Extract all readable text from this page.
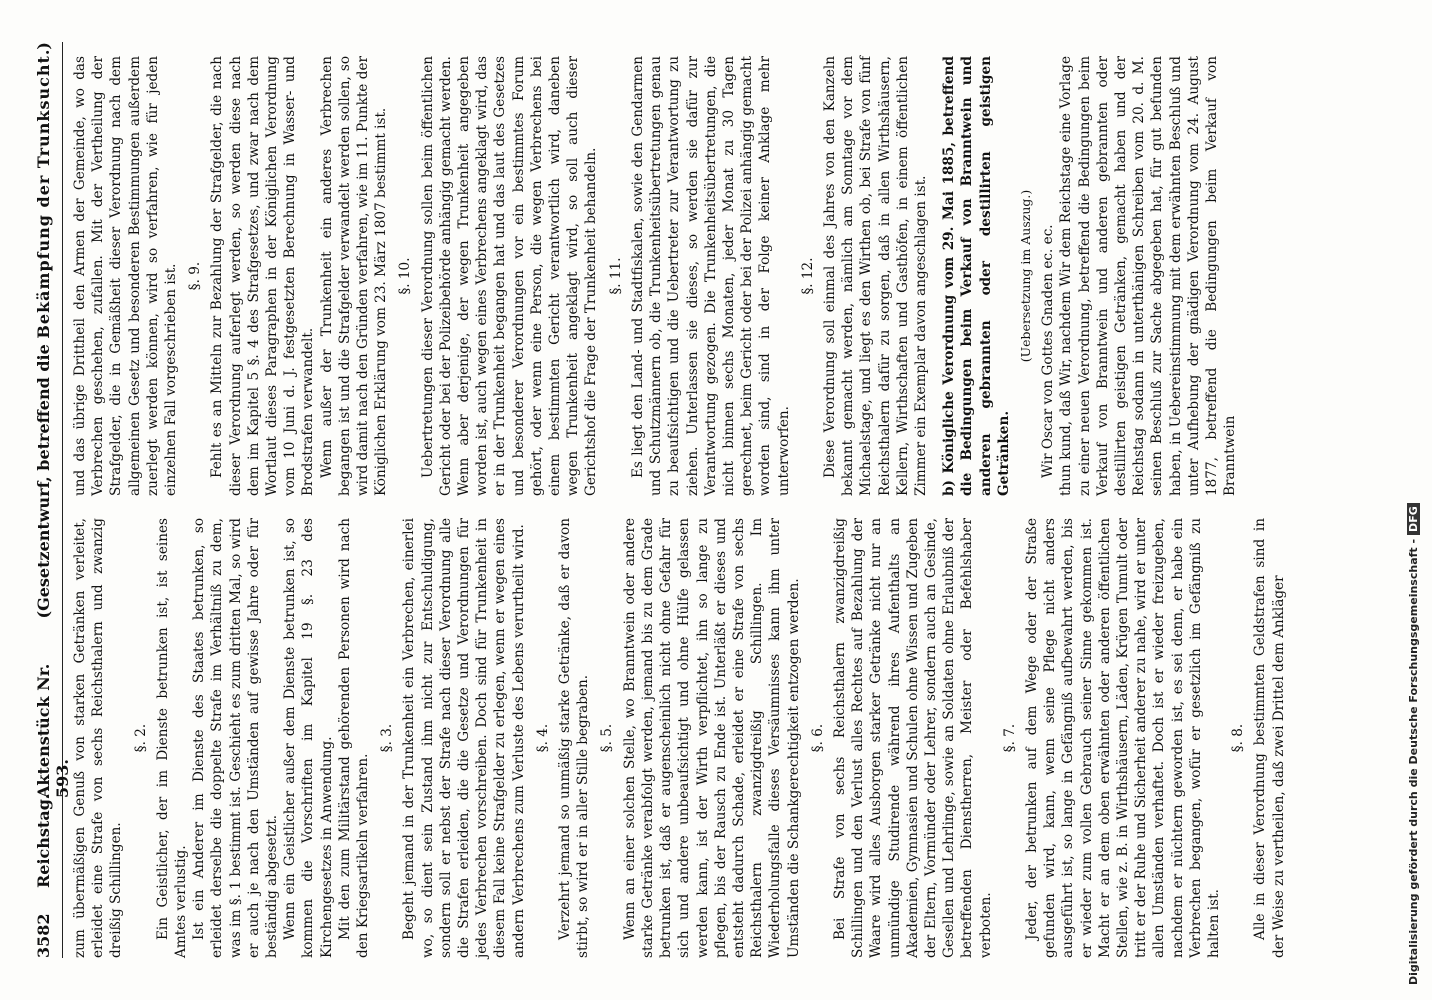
3582
Reichstag.
Aktenstück Nr. 593.
(Gesetzentwurf, betreffend die Bekämpfung der Trunksucht.)

zum übermäßigen Genuß von starken Getränken verleitet, erleidet eine Strafe von sechs Reichsthalern und zwanzig dreißig Schillingen.

§. 2. Ein Geistlicher, der im Dienste betrunken ist, ist seines Amtes verlustig. Ist ein Anderer im Dienste des Staates betrunken, so erleidet derselbe die doppelte Strafe im Verhältniß zu dem, was im §. 1 bestimmt ist. Geschieht es zum dritten Mal, so wird er auch je nach den Umständen auf gewisse Jahre oder für beständig abgesetzt. Wenn ein Geistlicher außer dem Dienste betrunken ist, so kommen die Vorschriften im Kapitel 19 §. 23 des Kirchengesetzes in Anwendung. Mit den zum Militärstand gehörenden Personen wird nach den Kriegsartikeln verfahren.

§. 3. Begeht jemand in der Trunkenheit ein Verbrechen, einerlei wo, so dient sein Zustand ihm nicht zur Entschuldigung, sondern soll er nebst der Strafe nach dieser Verordnung alle die Strafen erleiden, die die Gesetze und Verordnungen für jedes Verbrechen vorschreiben. Doch sind für Trunkenheit in diesem Fall keine Strafgelder zu erlegen, wenn er wegen eines andern Verbrechens zum Verluste des Lebens verurtheilt wird. §. 4. Verzehrt jemand so unmäßig starke Getränke, daß er davon stirbt, so wird er in aller Stille begraben. §. 5. Wenn an einer solchen Stelle, wo Branntwein oder andere starke Getränke verabfolgt werden, jemand bis zu dem Grade betrunken ist, daß er augenscheinlich nicht ohne Gefahr für sich und andere unbeaufsichtigt und ohne Hülfe gelassen werden kann, ist der Wirth verpflichtet, ihn so lange zu pflegen, bis der Rausch zu Ende ist. Unterläßt er dieses und entsteht dadurch Schade, erleidet er eine Strafe von sechs Reichsthalern zwanzigdreißig Schillingen. Im Wiederholungsfalle dieses Versäumnisses kann ihm unter Umständen die Schankgerechtigkeit entzogen werden. §. 6. Bei Strafe von sechs Reichsthalern zwanzigdreißig Schillingen und den Verlust alles Rechtes auf Bezahlung der Waare wird alles Ausborgen starker Getränke nicht nur an unmündige Studirende während ihres Aufenthalts an Akademien, Gymnasien und Schulen ohne Wissen und Zugeben der Eltern, Vormünder oder Lehrer, sondern auch an Gesinde, Gesellen und Lehrlinge, sowie an Soldaten ohne Erlaubniß der betreffenden Dienstherren, Meister oder Befehlshaber verboten.

§. 7. Jeder, der betrunken auf dem Wege oder der Straße gefunden wird, kann, wenn seine Pflege nicht anders ausgeführt ist, so lange in Gefängniß aufbewahrt werden, bis er wieder zum vollen Gebrauch seiner Sinne gekommen ist. Macht er an dem oben erwähnten oder anderen öffentlichen Stellen, wie z. B. in Wirthshäusern, Läden, Krügen Tumult oder tritt er der Ruhe und Sicherheit anderer zu nahe, wird er unter allen Umständen verhaftet. Doch ist er wieder freizugeben, nachdem er nüchtern geworden ist, es sei denn, er habe ein Verbrechen begangen, wofür er gesetzlich im Gefängniß zu halten ist.

§. 8. Alle in dieser Verordnung bestimmten Geldstrafen sind in der Weise zu vertheilen, daß zwei Drittel dem Ankläger

und das übrige Drittheil den Armen der Gemeinde, wo das Verbrechen geschehen, zufallen. Mit der Vertheilung der Strafgelder, die in Gemäßheit dieser Verordnung nach dem allgemeinen Gesetz und besonderen Bestimmungen außerdem zuerlegt werden können, wird so verfahren, wie für jeden einzelnen Fall vorgeschrieben ist. §. 9. Fehlt es an Mitteln zur Bezahlung der Strafgelder, die nach dieser Verordnung auferlegt werden, so werden diese nach dem im Kapitel 5 §. 4 des Strafgesetzes, und zwar nach dem Wortlaut dieses Paragraphen in der Königlichen Verordnung vom 10 Juni d. J. festgesetzten Berechnung in Wasser- und Brodstrafen verwandelt. Wenn außer der Trunkenheit ein anderes Verbrechen begangen ist und die Strafgelder verwandelt werden sollen, so wird damit nach den Gründen verfahren, wie im 11. Punkte der Königlichen Erklärung vom 23. März 1807 bestimmt ist. §. 10. Uebertretungen dieser Verordnung sollen beim öffentlichen Gericht oder bei der Polizeibehörde anhängig gemacht werden. Wenn aber derjenige, der wegen Trunkenheit angegeben worden ist, auch wegen eines Verbrechens angeklagt wird, das er in der Trunkenheit begangen hat und das laut des Gesetzes und besonderer Verordnungen vor ein bestimmtes Forum gehört, oder wenn eine Person, die wegen Verbrechens bei einem bestimmten Gericht verantwortlich wird, daneben wegen Trunkenheit angeklagt wird, so soll auch dieser Gerichtshof die Frage der Trunkenheit behandeln. §. 11. Es liegt den Land- und Stadtfiskalen, sowie den Gendarmen und Schutzmännern ob, die Trunkenheitsübertretungen genau zu beaufsichtigen und die Uebertreter zur Verantwortung zu ziehen. Unterlassen sie dieses, so werden sie dafür zur Verantwortung gezogen. Die Trunkenheitsübertretungen, die nicht binnen sechs Monaten, jeder Monat zu 30 Tagen gerechnet, beim Gericht oder bei der Polizei anhängig gemacht worden sind, sind in der Folge keiner Anklage mehr unterworfen.

§. 12. Diese Verordnung soll einmal des Jahres von den Kanzeln bekannt gemacht werden, nämlich am Sonntage vor dem Michaelstage, und liegt es den Wirthen ob, bei Strafe von fünf Reichsthalern dafür zu sorgen, daß in allen Wirthshäusern, Kellern, Wirthschaften und Gasthöfen, in einem öffentlichen Zimmer ein Exemplar davon angeschlagen ist. b) Königliche Verordnung vom 29. Mai 1885, betreffend die Bedingungen beim Verkauf von Branntwein und anderen gebrannten oder destillirten geistigen Getränken.

(Uebersetzung im Auszug.) Wir Oscar von Gottes Gnaden ec. ec. thun kund, daß Wir, nachdem Wir dem Reichstage eine Vorlage zu einer neuen Verordnung, betreffend die Bedingungen beim Verkauf von Branntwein und anderen gebrannten oder destillirten geistigen Getränken, gemacht haben und der Reichstag sodann in unterthänigen Schreiben vom 20. d. M. seinen Beschluß zur Sache abgegeben hat, für gut befunden haben, in Uebereinstimmung mit dem erwähnten Beschluß und unter Aufhebung der gnädigen Verordnung vom 24. August 1877, betreffend die Bedingungen beim Verkauf von Branntwein

Digitalisierung gefördert durch die Deutsche Forschungsgemeinschaft -DFG
